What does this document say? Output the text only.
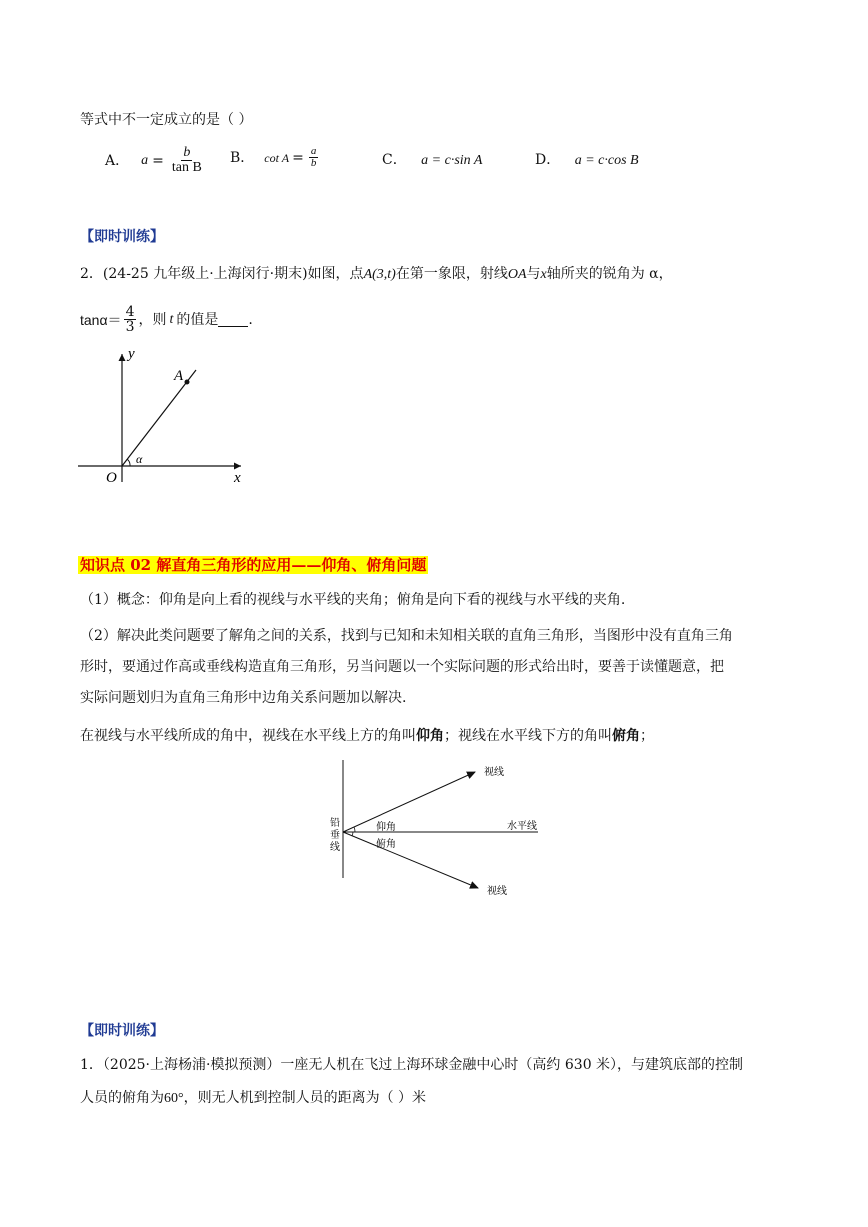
等式中不一定成立的是（ ）
A． $a = \frac{b}{\text{tan B}}$ B． $\cot A = \frac{a}{b}$	C． a = c·sin A	D． a = c·cos B
【即时训练】
2．(24-25 九年级上·上海闵行·期末)如图，点A(3,t)在第一象限，射线OA与x轴所夹的锐角为 α，
$\tan\alpha= \frac{4}{3}$ ，则 t 的值是 .
y
x
O
A
α
知识点 02 解直角三角形的应用——仰角、俯角问题
（1）概念：仰角是向上看的视线与水平线的夹角；俯角是向下看的视线与水平线的夹角.
（2）解决此类问题要了解角之间的关系，找到与已知和未知相关联的直角三角形，当图形中没有直角三角
形时，要通过作高或垂线构造直角三角形，另当问题以一个实际问题的形式给出时，要善于读懂题意，把
实际问题划归为直角三角形中边角关系问题加以解决.
在视线与水平线所成的角中，视线在水平线上方的角叫仰角；视线在水平线下方的角叫俯角；
视线
水平线
视线
铅
垂
线
仰角
俯角
【即时训练】
1．（2025·上海杨浦·模拟预测）一座无人机在飞过上海环球金融中心时（高约 630 米），与建筑底部的控制
人员的俯角为60°，则无人机到控制人员的距离为（ ）米
